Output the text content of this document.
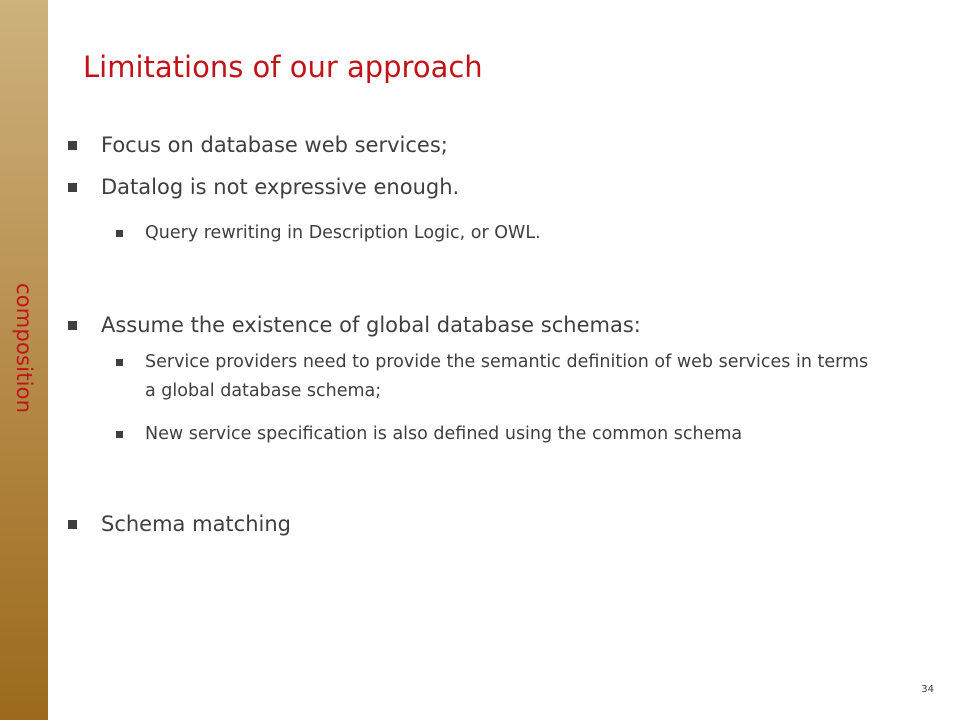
composition
Limitations of our approach
Focus on database web services;
Datalog is not expressive enough.
Query rewriting in Description Logic, or OWL.
Assume the existence of global database schemas:
Service providers need to provide the semantic definition of web services in terms a global database schema;
New service specification is also defined using the common schema
Schema matching
34
